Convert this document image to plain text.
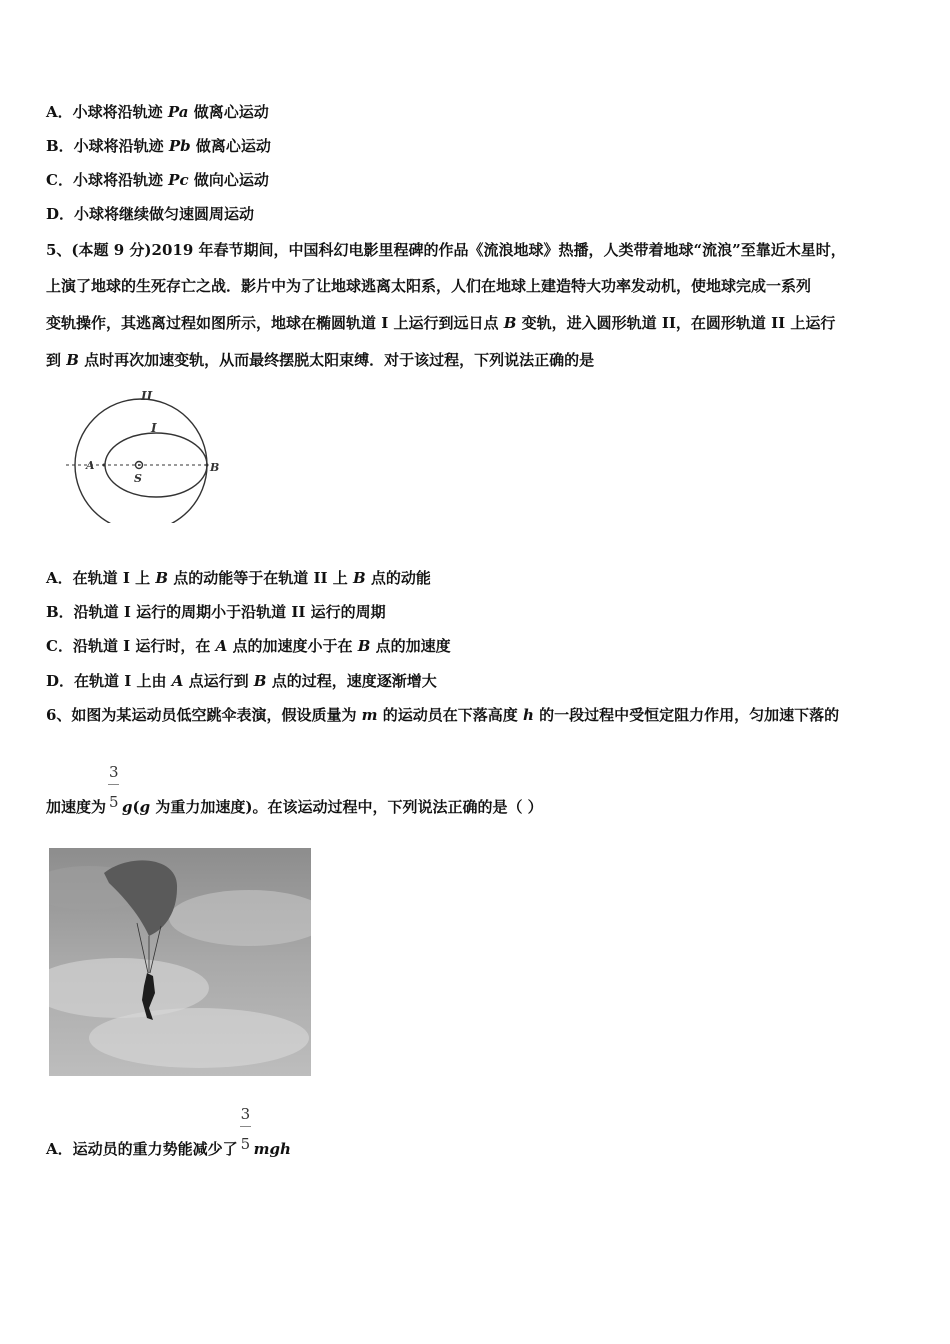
A．小球将沿轨迹 Pa 做离心运动
B．小球将沿轨迹 Pb 做离心运动
C．小球将沿轨迹 Pc 做向心运动
D．小球将继续做匀速圆周运动
5、(本题 9 分)2019 年春节期间，中国科幻电影里程碑的作品《流浪地球》热播，人类带着地球“流浪”至靠近木星时，
上演了地球的生死存亡之战．影片中为了让地球逃离太阳系，人们在地球上建造特大功率发动机，使地球完成一系列
变轨操作，其逃离过程如图所示，地球在椭圆轨道 I 上运行到远日点 B 变轨，进入圆形轨道 II，在圆形轨道 II 上运行
到 B 点时再次加速变轨，从而最终摆脱太阳束缚．对于该过程，下列说法正确的是
II
I
A	B
S
A．在轨道 I 上 B 点的动能等于在轨道 II 上 B 点的动能
B．沿轨道 I 运行的周期小于沿轨道 II 运行的周期
C．沿轨道 I 运行时，在 A 点的加速度小于在 B 点的加速度
D．在轨道 I 上由 A 点运行到 B 点的过程，速度逐渐增大
6、如图为某运动员低空跳伞表演，假设质量为 m 的运动员在下落高度 h 的一段过程中受恒定阻力作用，匀加速下落的
加速度为 $\frac{3}{5} g(g$ 为重力加速度)。在该运动过程中，下列说法正确的是（ ）
A．运动员的重力势能减少了 $\frac{3}{5}$ mgh
